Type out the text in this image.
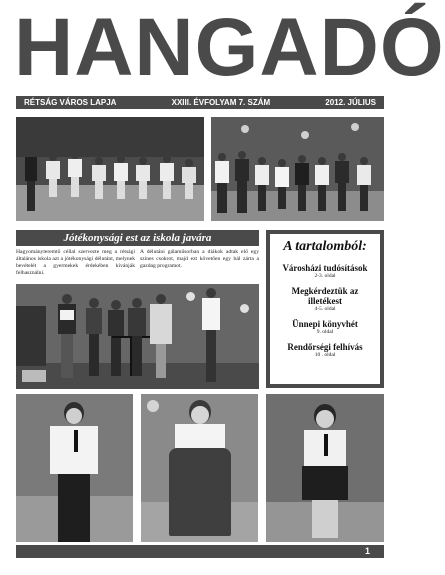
HANGADÓ
RÉTSÁG VÁROS LAPJA	XXIII. ÉVFOLYAM 7. SZÁM	2012. JÚLIUS
Jótékonysági est az iskola javára
Hagyományteremtő céllal szervezte meg a rétsági általános iskola azt a jótékonysági délutánt, melynek bevételét a gyermekek érdekében kívánják felhasználni.
A délutáni gálaműsorban a diákok adtak elő egy színes csokrot, majd ezt követően egy bál zárta a gazdag programot.
A tartalomból:
Városházi tudósítások
2-3. oldal
Megkérdeztük az illetékest
4-5. oldal
Ünnepi könyvhét
9. oldal
Rendőrségi felhívás
10 . oldal
1
